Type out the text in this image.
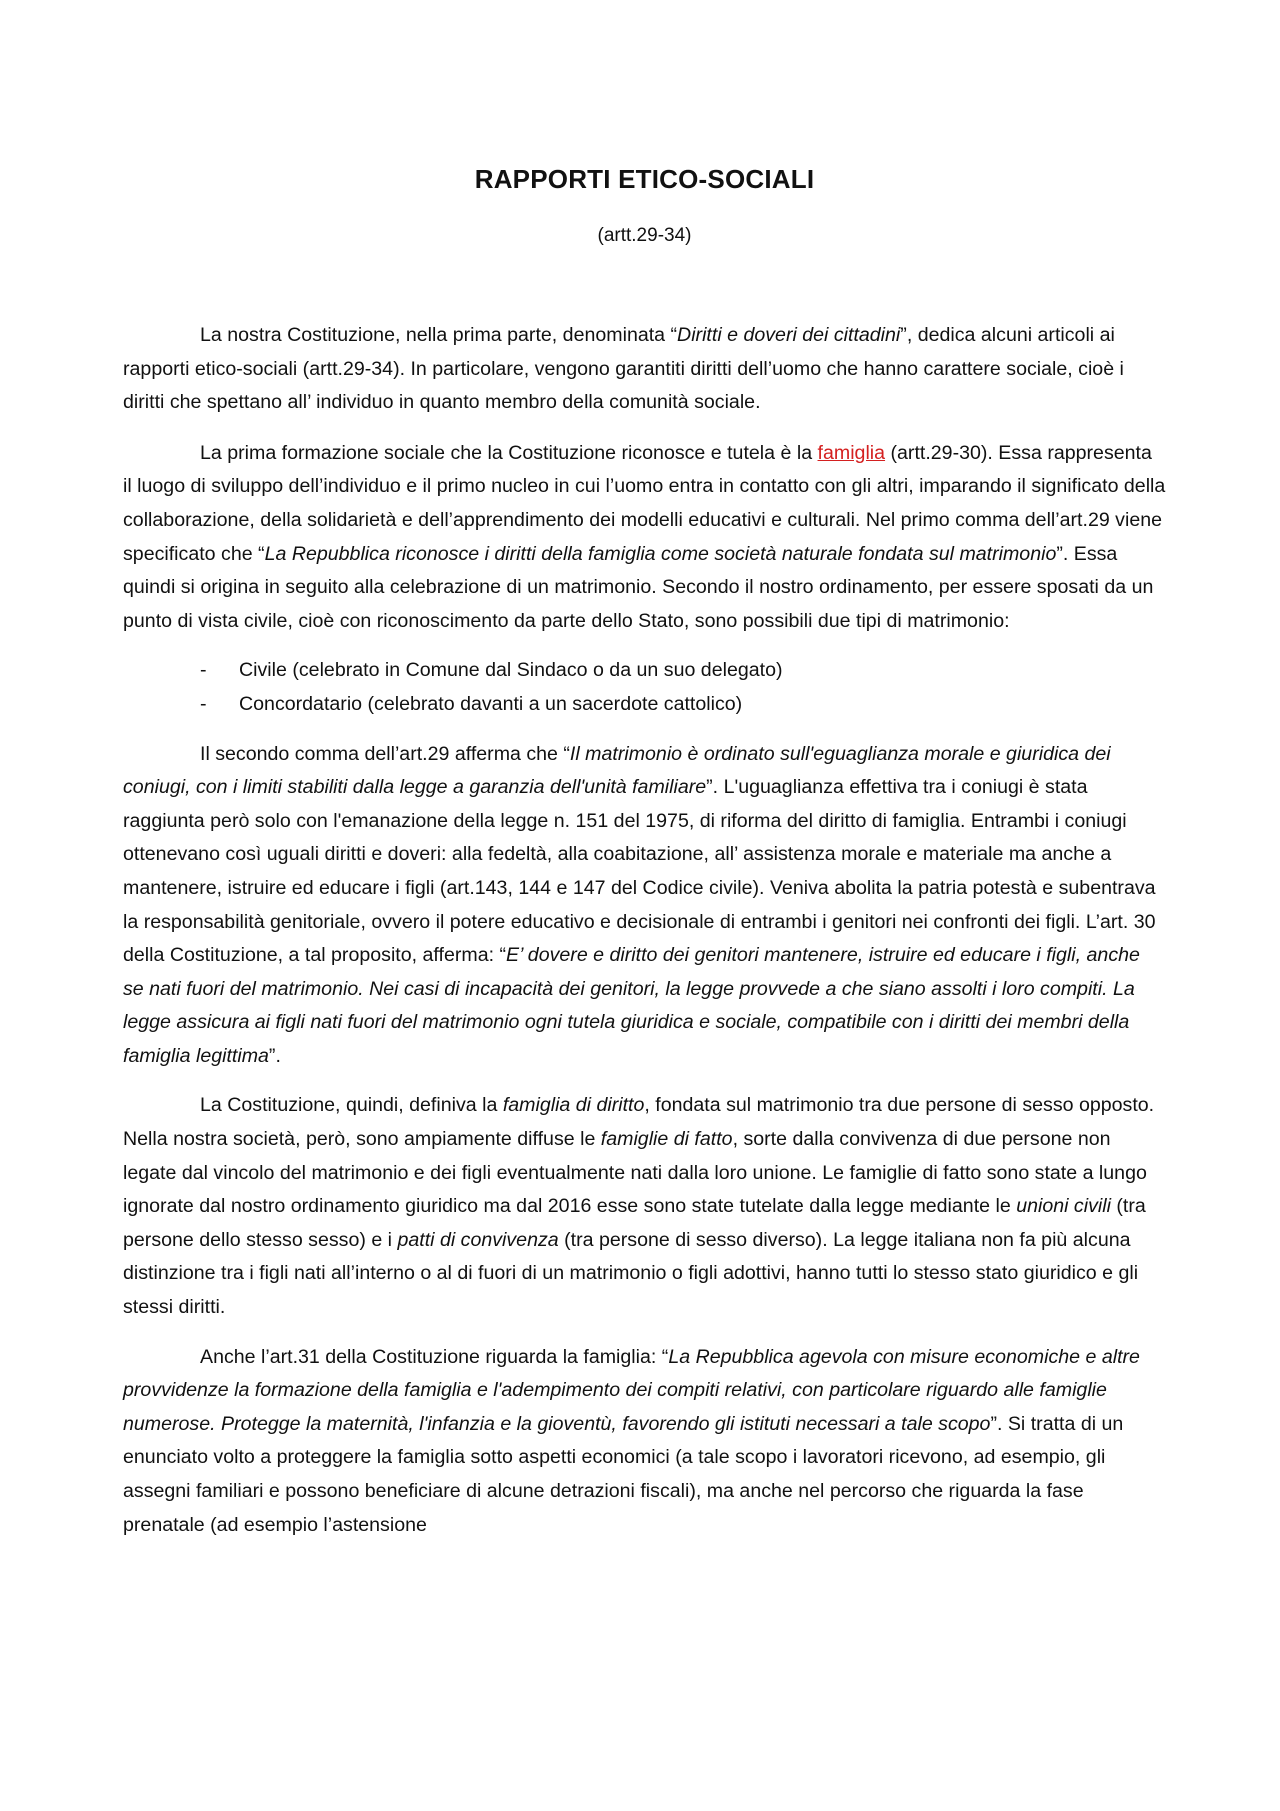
RAPPORTI ETICO-SOCIALI
(artt.29-34)

La nostra Costituzione, nella prima parte, denominata “Diritti e doveri dei cittadini”, dedica alcuni articoli ai rapporti etico-sociali (artt.29-34). In particolare, vengono garantiti diritti dell’uomo che hanno carattere sociale, cioè i diritti che spettano all’ individuo in quanto membro della comunità sociale.

La prima formazione sociale che la Costituzione riconosce e tutela è la famiglia (artt.29-30). Essa rappresenta il luogo di sviluppo dell’individuo e il primo nucleo in cui l’uomo entra in contatto con gli altri, imparando il significato della collaborazione, della solidarietà e dell’apprendimento dei modelli educativi e culturali. Nel primo comma dell’art.29 viene specificato che “La Repubblica riconosce i diritti della famiglia come società naturale fondata sul matrimonio”. Essa quindi si origina in seguito alla celebrazione di un matrimonio. Secondo il nostro ordinamento, per essere sposati da un punto di vista civile, cioè con riconoscimento da parte dello Stato, sono possibili due tipi di matrimonio:

- Civile (celebrato in Comune dal Sindaco o da un suo delegato)
- Concordatario (celebrato davanti a un sacerdote cattolico)

Il secondo comma dell’art.29 afferma che “Il matrimonio è ordinato sull'eguaglianza morale e giuridica dei coniugi, con i limiti stabiliti dalla legge a garanzia dell'unità familiare”. L'uguaglianza effettiva tra i coniugi è stata raggiunta però solo con l'emanazione della legge n. 151 del 1975, di riforma del diritto di famiglia. Entrambi i coniugi ottenevano così uguali diritti e doveri: alla fedeltà, alla coabitazione, all’ assistenza morale e materiale ma anche a mantenere, istruire ed educare i figli (art.143, 144 e 147 del Codice civile). Veniva abolita la patria potestà e subentrava la responsabilità genitoriale, ovvero il potere educativo e decisionale di entrambi i genitori nei confronti dei figli. L’art. 30 della Costituzione, a tal proposito, afferma: “E’ dovere e diritto dei genitori mantenere, istruire ed educare i figli, anche se nati fuori del matrimonio. Nei casi di incapacità dei genitori, la legge provvede a che siano assolti i loro compiti. La legge assicura ai figli nati fuori del matrimonio ogni tutela giuridica e sociale, compatibile con i diritti dei membri della famiglia legittima”.

La Costituzione, quindi, definiva la famiglia di diritto, fondata sul matrimonio tra due persone di sesso opposto. Nella nostra società, però, sono ampiamente diffuse le famiglie di fatto, sorte dalla convivenza di due persone non legate dal vincolo del matrimonio e dei figli eventualmente nati dalla loro unione. Le famiglie di fatto sono state a lungo ignorate dal nostro ordinamento giuridico ma dal 2016 esse sono state tutelate dalla legge mediante le unioni civili (tra persone dello stesso sesso) e i patti di convivenza (tra persone di sesso diverso). La legge italiana non fa più alcuna distinzione tra i figli nati all’interno o al di fuori di un matrimonio o figli adottivi, hanno tutti lo stesso stato giuridico e gli stessi diritti.

Anche l’art.31 della Costituzione riguarda la famiglia: “La Repubblica agevola con misure economiche e altre provvidenze la formazione della famiglia e l'adempimento dei compiti relativi, con particolare riguardo alle famiglie numerose. Protegge la maternità, l'infanzia e la gioventù, favorendo gli istituti necessari a tale scopo”. Si tratta di un enunciato volto a proteggere la famiglia sotto aspetti economici (a tale scopo i lavoratori ricevono, ad esempio, gli assegni familiari e possono beneficiare di alcune detrazioni fiscali), ma anche nel percorso che riguarda la fase prenatale (ad esempio l’astensione
